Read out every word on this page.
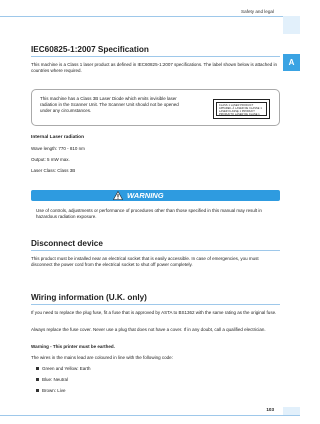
Safety and legal
A
IEC60825-1:2007 Specification

This machine is a Class 1 laser product as defined in IEC60825-1:2007 specifications. The label shown below is attached in countries where required.

This machine has a Class 3B Laser Diode which emits invisible laser radiation in the Scanner Unit. The Scanner Unit should not be opened under any circumstances.

CLASS 1 LASER PRODUCT
APPAREIL À LASER DE CLASSE 1
LASER KLASSE 1 PRODUKT
PRODUCTO LÁSER DE CLASE 1

Internal Laser radiation

Wave length: 770 - 810 nm

Output: 5 mW max.

Laser Class: Class 3B

WARNING

Use of controls, adjustments or performance of procedures other than those specified in this manual may result in hazardous radiation exposure.

Disconnect device

This product must be installed near an electrical socket that is easily accessible. In case of emergencies, you must disconnect the power cord from the electrical socket to shut off power completely.

Wiring information (U.K. only)

If you need to replace the plug fuse, fit a fuse that is approved by ASTA to BS1362 with the same rating as the original fuse.

Always replace the fuse cover. Never use a plug that does not have a cover. If in any doubt, call a qualified electrician.

Warning - This printer must be earthed.

The wires in the mains lead are coloured in line with the following code:

Green and Yellow: Earth
Blue: Neutral
Brown: Live
103
